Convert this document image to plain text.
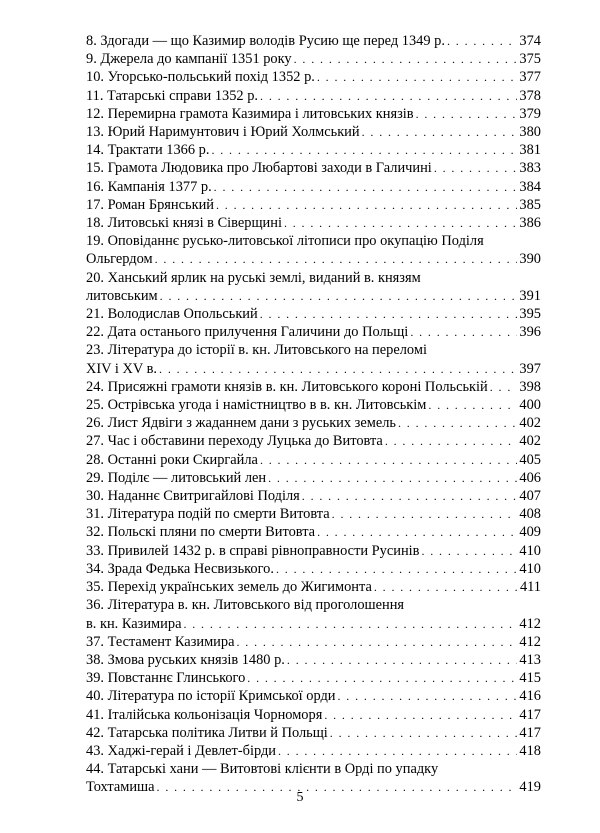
8. Здогади — що Казимир володів Русию ще перед 1349 р. . . .	374
9. Джерела до кампанії 1351 року . . .	375
10. Угорсько-польський похід 1352 р. . . .	377
11. Татарські справи 1352 р. . . .	378
12. Перемирна грамота Казимира і литовських князів . . .	379
13. Юрий Наримунтович і Юрий Холмський . . .	380
14. Трактати 1366 р. . . .	381
15. Грамота Людовика про Любартові заходи в Галичині . . .	383
16. Кампанія 1377 р. . . .	384
17. Роман Брянський . . .	385
18. Литовські князі в Сіверщині . . .	386
19. Оповіданнє русько-литовської літописи про окупацію Поділя
Ольгердом . . .	390
20. Ханський ярлик на руські землі, виданий в. князям
литовським . . .	391
21. Володислав Опольський . . .	395
22. Дата останього прилучення Галичини до Польщі . . .	396
23. Література до історії в. кн. Литовського на переломі
XIV і XV в. . . .	397
24. Присяжні грамоти князів в. кн. Литовського короні Польській . . . 398
25. Острівська угода і намістництво в в. кн. Литовськім . . .	400
26. Лист Ядвіги з жаданнем дани з руських земель . . .	402
27. Час і обставини переходу Луцька до Витовта . . .	402
28. Останні роки Скиргайла . . .	405
29. Поділє — литовський лен . . .	406
30. Наданнє Свитригайлові Поділя . . .	407
31. Література подій по смерти Витовта . . .	408
32. Польскі пляни по смерти Витовта . . .	409
33. Привилей 1432 р. в справі рівноправности Русинів . . .	410
34. Зрада Федька Несвизького. . . .	410
35. Перехід українських земель до Жигимонта . . .	411
36. Література в. кн. Литовського від проголошення
в. кн. Казимира . . .	412
37. Тестамент Казимира . . .	412
38. Змова руських князів 1480 р. . . .	413
39. Повстаннє Глинського . . .	415
40. Література по історії Кримської орди . . .	416
41. Італійська кольонізація Чорноморя . . .	417
42. Татарська політика Литви й Польщі . . .	417
43. Хаджі-герай і Девлет-бірди . . .	418
44. Татарські хани — Витовтові клієнти в Орді по упадку
Тохтамиша . . .	419
5
